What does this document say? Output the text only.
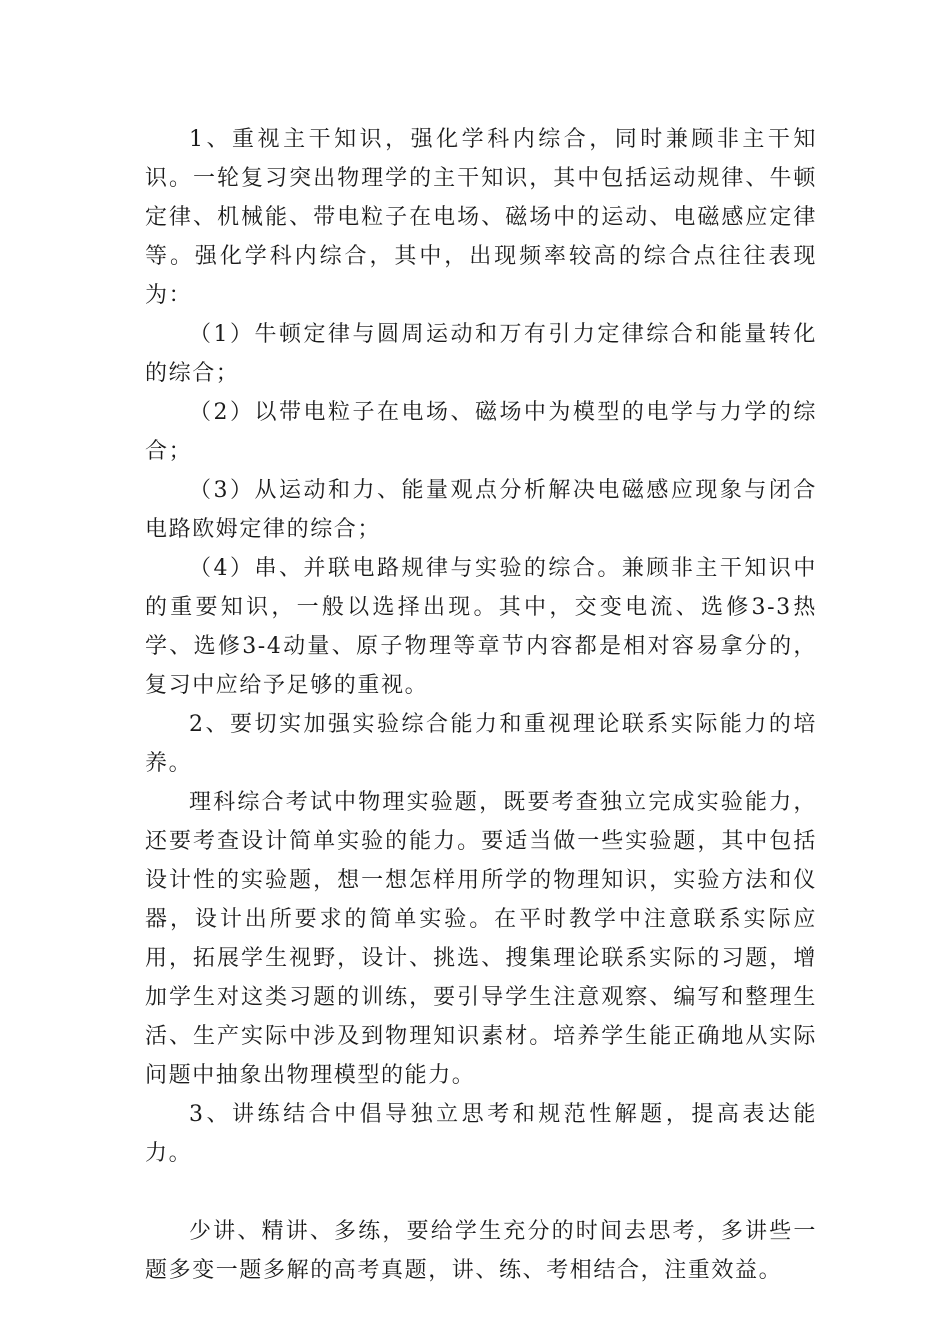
1、重视主干知识，强化学科内综合，同时兼顾非主干知识。一轮复习突出物理学的主干知识，其中包括运动规律、牛顿定律、机械能、带电粒子在电场、磁场中的运动、电磁感应定律等。强化学科内综合，其中，出现频率较高的综合点往往表现为：

（1）牛顿定律与圆周运动和万有引力定律综合和能量转化的综合；

（2）以带电粒子在电场、磁场中为模型的电学与力学的综合；

（3）从运动和力、能量观点分析解决电磁感应现象与闭合电路欧姆定律的综合；

（4）串、并联电路规律与实验的综合。兼顾非主干知识中的重要知识，一般以选择出现。其中，交变电流、选修3-3热学、选修3-4动量、原子物理等章节内容都是相对容易拿分的，复习中应给予足够的重视。

2、要切实加强实验综合能力和重视理论联系实际能力的培养。

理科综合考试中物理实验题，既要考查独立完成实验能力，还要考查设计简单实验的能力。要适当做一些实验题，其中包括设计性的实验题，想一想怎样用所学的物理知识，实验方法和仪器，设计出所要求的简单实验。在平时教学中注意联系实际应用，拓展学生视野，设计、挑选、搜集理论联系实际的习题，增加学生对这类习题的训练，要引导学生注意观察、编写和整理生活、生产实际中涉及到物理知识素材。培养学生能正确地从实际问题中抽象出物理模型的能力。

3、讲练结合中倡导独立思考和规范性解题，提高表达能力。

少讲、精讲、多练，要给学生充分的时间去思考，多讲些一题多变一题多解的高考真题，讲、练、考相结合，注重效益。
